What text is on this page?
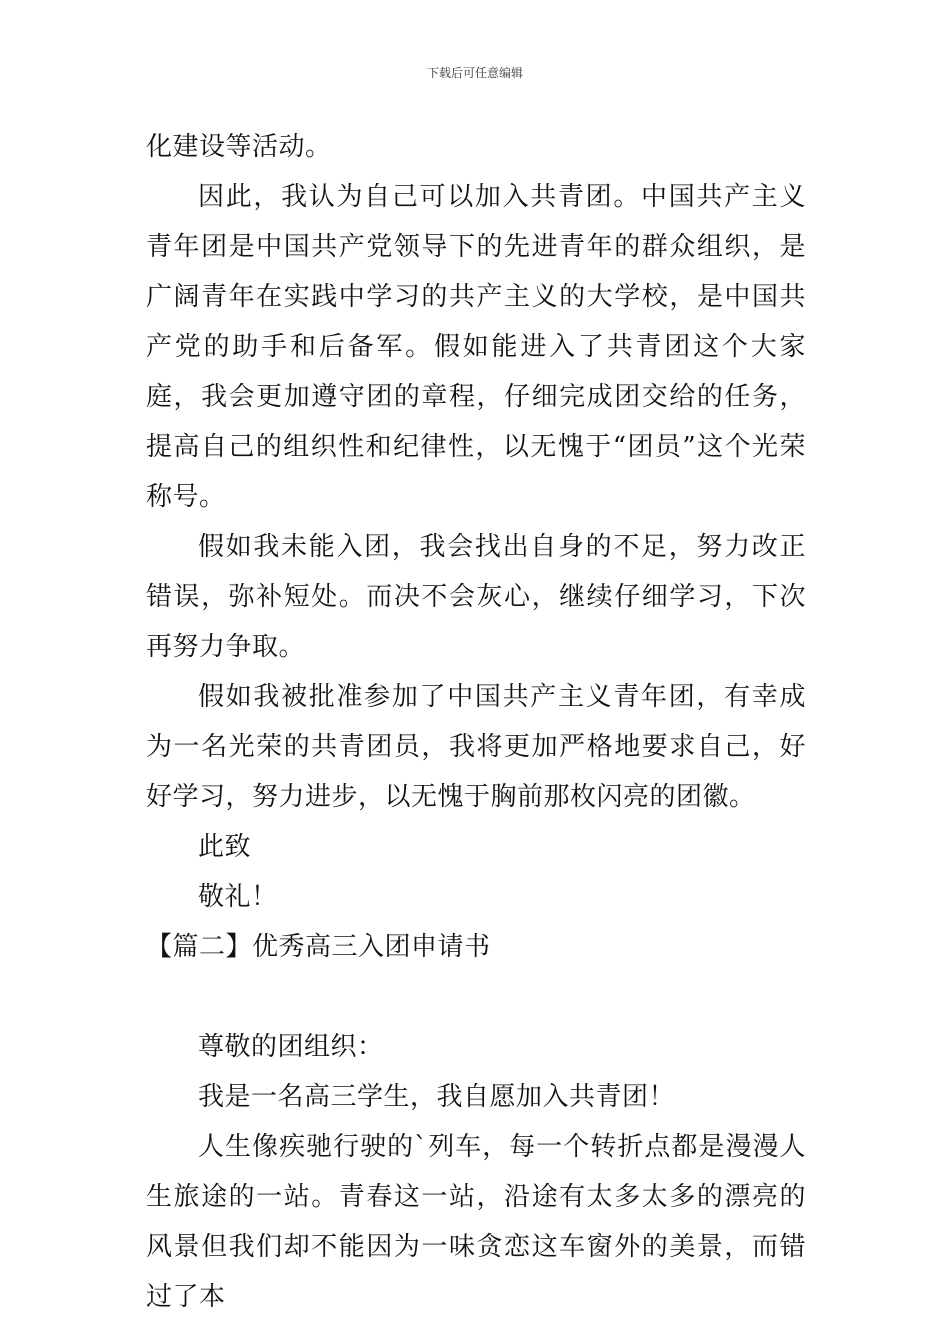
下载后可任意编辑

化建设等活动。

因此，我认为自己可以加入共青团。中国共产主义青年团是中国共产党领导下的先进青年的群众组织，是广阔青年在实践中学习的共产主义的大学校，是中国共产党的助手和后备军。假如能进入了共青团这个大家庭，我会更加遵守团的章程，仔细完成团交给的任务，提高自己的组织性和纪律性，以无愧于“团员”这个光荣称号。

假如我未能入团，我会找出自身的不足，努力改正错误，弥补短处。而决不会灰心，继续仔细学习，下次再努力争取。

假如我被批准参加了中国共产主义青年团，有幸成为一名光荣的共青团员，我将更加严格地要求自己，好好学习，努力进步，以无愧于胸前那枚闪亮的团徽。

此致

敬礼！

【篇二】优秀高三入团申请书

尊敬的团组织：

我是一名高三学生，我自愿加入共青团！

人生像疾驰行驶的`列车，每一个转折点都是漫漫人生旅途的一站。青春这一站，沿途有太多太多的漂亮的风景但我们却不能因为一味贪恋这车窗外的美景，而错过了本
